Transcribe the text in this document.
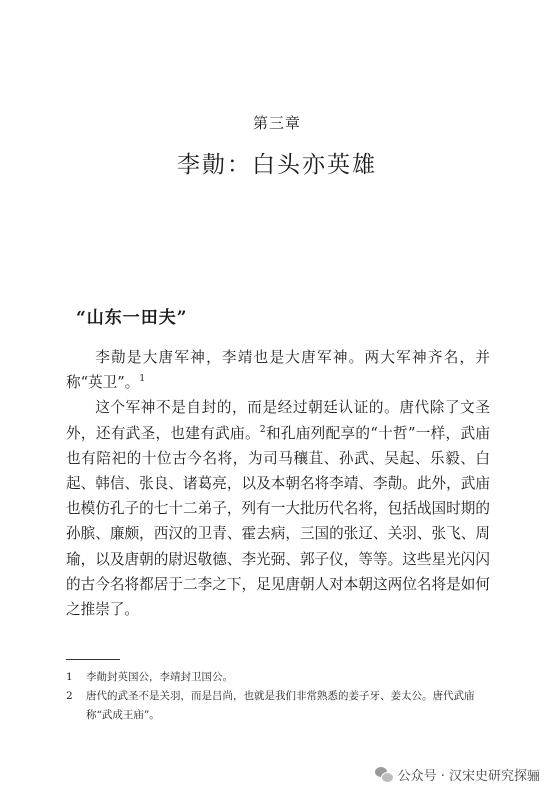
第三章
李勣：白头亦英雄
“山东一田夫”

李勣是大唐军神，李靖也是大唐军神。两大军神齐名，并称“英卫”。$^1$

这个军神不是自封的，而是经过朝廷认证的。唐代除了文圣外，还有武圣，也建有武庙。$^2$和孔庙列配享的“十哲”一样，武庙也有陪祀的十位古今名将，为司马穰苴、孙武、吴起、乐毅、白起、韩信、张良、诸葛亮，以及本朝名将李靖、李勣。此外，武庙也模仿孔子的七十二弟子，列有一大批历代名将，包括战国时期的孙膑、廉颇，西汉的卫青、霍去病，三国的张辽、关羽、张飞、周瑜，以及唐朝的尉迟敬德、李光弼、郭子仪，等等。这些星光闪闪的古今名将都居于二李之下，足见唐朝人对本朝这两位名将是如何之推崇了。

1	李勣封英国公，李靖封卫国公。
2	唐代的武圣不是关羽，而是吕尚，也就是我们非常熟悉的姜子牙、姜太公。唐代武庙称“武成王庙”。
公众号 · 汉宋史研究探骊
